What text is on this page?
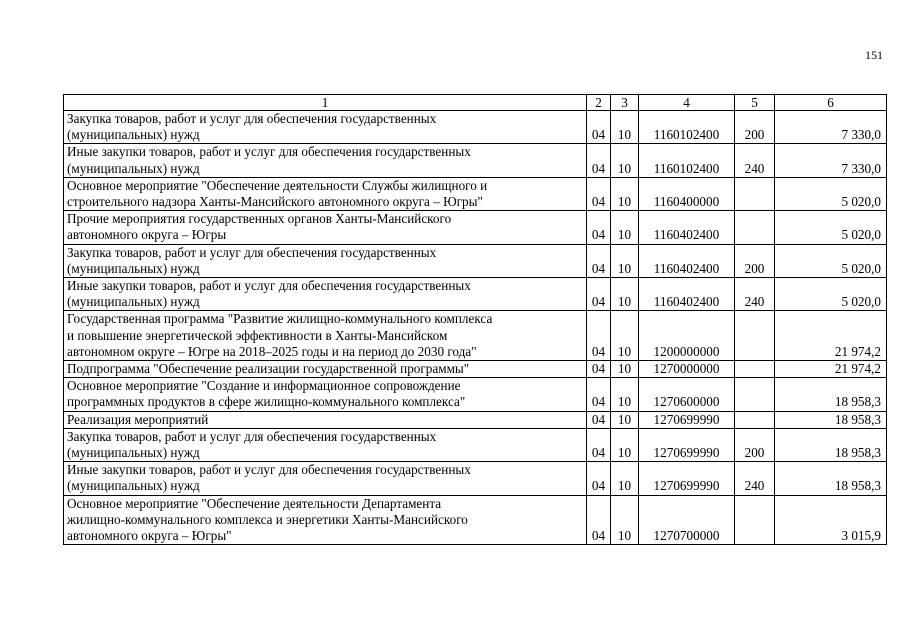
151
1	2	3	4	5	6
Закупка товаров, работ и услуг для обеспечения государственных
(муниципальных) нужд	04	10	1160102400	200	7 330,0
Иные закупки товаров, работ и услуг для обеспечения государственных
(муниципальных) нужд	04	10	1160102400	240	7 330,0
Основное мероприятие "Обеспечение деятельности Службы жилищного и
строительного надзора Ханты-Мансийского автономного округа – Югры"	04	10	1160400000		5 020,0
Прочие мероприятия государственных органов Ханты-Мансийского
автономного округа – Югры	04	10	1160402400		5 020,0
Закупка товаров, работ и услуг для обеспечения государственных
(муниципальных) нужд	04	10	1160402400	200	5 020,0
Иные закупки товаров, работ и услуг для обеспечения государственных
(муниципальных) нужд	04	10	1160402400	240	5 020,0
Государственная программа "Развитие жилищно-коммунального комплекса
и повышение энергетической эффективности в Ханты-Мансийском
автономном округе – Югре на 2018–2025 годы и на период до 2030 года"	04	10	1200000000		21 974,2
Подпрограмма "Обеспечение реализации государственной программы"	04	10	1270000000		21 974,2
Основное мероприятие "Создание и информационное сопровождение
программных продуктов в сфере жилищно-коммунального комплекса"	04	10	1270600000		18 958,3
Реализация мероприятий	04	10	1270699990		18 958,3
Закупка товаров, работ и услуг для обеспечения государственных
(муниципальных) нужд	04	10	1270699990	200	18 958,3
Иные закупки товаров, работ и услуг для обеспечения государственных
(муниципальных) нужд	04	10	1270699990	240	18 958,3
Основное мероприятие "Обеспечение деятельности Департамента
жилищно-коммунального комплекса и энергетики Ханты-Мансийского
автономного округа – Югры"	04	10	1270700000		3 015,9
